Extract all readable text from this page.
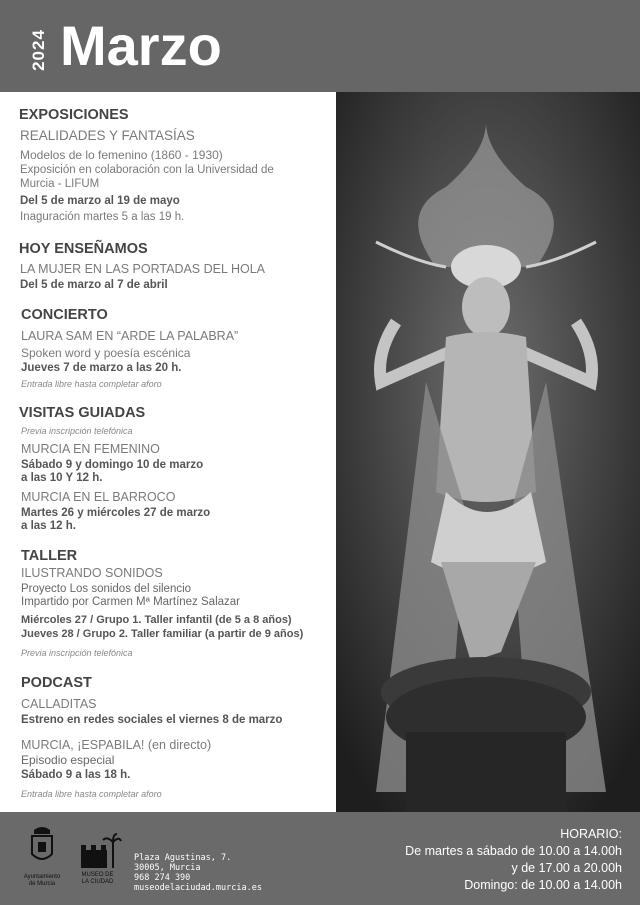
2024 Marzo
EXPOSICIONES
REALIDADES Y FANTASÍAS
Modelos de lo femenino (1860 - 1930)
Exposición en colaboración con la Universidad de
Murcia - LIFUM
Del 5 de marzo al 19 de mayo
Inaguración martes 5 a las 19 h.
HOY ENSEÑAMOS
LA MUJER EN LAS PORTADAS DEL HOLA
Del 5 de marzo al 7 de abril
CONCIERTO
LAURA SAM EN “ARDE LA PALABRA”
Spoken word y poesía escénica
Jueves 7 de marzo a las 20 h.
Entrada libre hasta completar aforo
VISITAS GUIADAS
Previa inscripción telefónica
MURCIA EN FEMENINO
Sábado 9 y domingo 10 de marzo
a las 10 Y 12 h.
MURCIA EN EL BARROCO
Martes 26 y miércoles 27 de marzo
a las 12 h.
TALLER
ILUSTRANDO SONIDOS
Proyecto Los sonidos del silencio
Impartido por Carmen Mª Martínez Salazar
Miércoles 27 / Grupo 1. Taller infantil (de 5 a 8 años)
Jueves 28 / Grupo 2. Taller familiar (a partir de 9 años)
Previa inscripción telefónica
PODCAST
CALLADITAS
Estreno en redes sociales el viernes 8 de marzo
MURCIA, ¡ESPABILA! (en directo)
Episodio especial
Sábado 9 a las 18 h.
Entrada libre hasta completar aforo
Ayuntamiento
de Murcia
MUSEO DE
LA CIUDAD
Plaza Agustinas, 7.
30005, Murcia
968 274 390
museodelaciudad.murcia.es
HORARIO:
De martes a sábado de 10.00 a 14.00h
y de 17.00 a 20.00h
Domingo: de 10.00 a 14.00h
